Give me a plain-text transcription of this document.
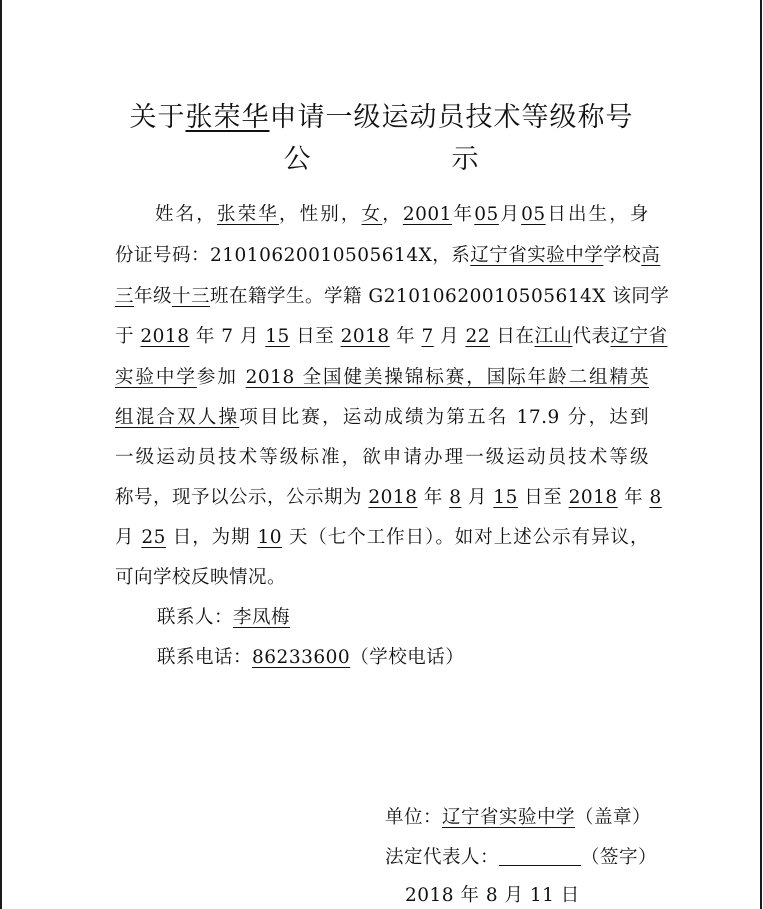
关于张荣华申请一级运动员技术等级称号
公	示
姓名，张荣华，性别，女，2001年05月05日出生，身
份证号码：210106200105056​14X，系辽宁省实验中学学校高
三年级十三班在籍学生。学籍 G210106200105056​14X 该同学
于 2018 年 7 月 15 日至 2018 年 7 月 22 日在江山代表辽宁省
实验中学参加 2018 全国健美操锦标赛，国际年龄二组精英
组混合双人操项目比赛，运动成绩为第五名 17.9 分，达到
一级运动员技术等级标准，欲申请办理一级运动员技术等级
称号，现予以公示，公示期为 2018 年 8 月 15 日至 2018 年 8
月 25 日，为期 10 天（七个工作日）。如对上述公示有异议，
可向学校反映情况。
联系人：李凤梅
联系电话：86233600（学校电话）
单位：辽宁省实验中学（盖章）
法定代表人：	（签字）
2018 年 8 月 11 日
